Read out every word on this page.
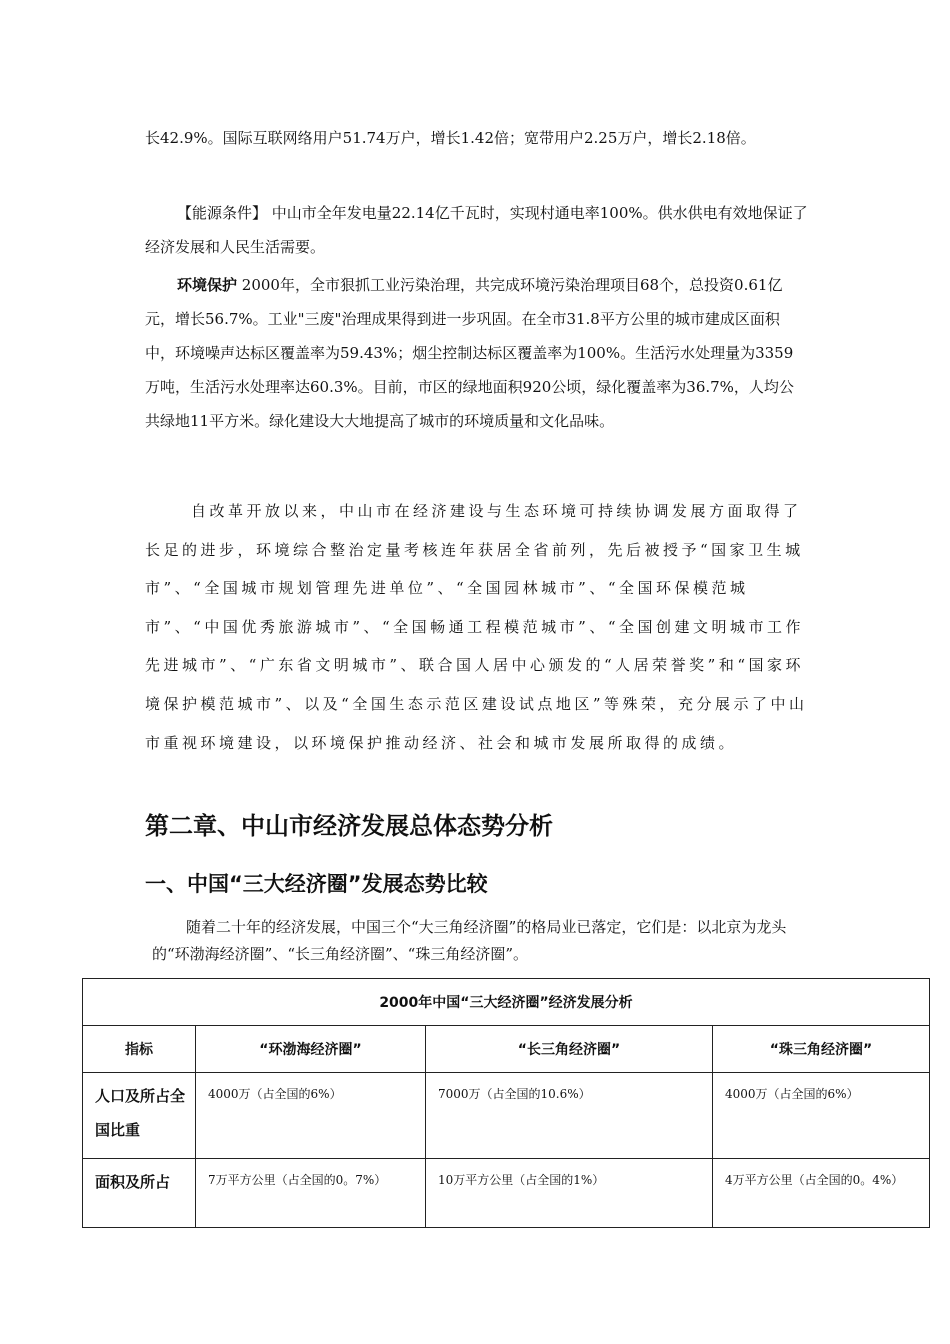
长42.9%。国际互联网络用户51.74万户，增长1.42倍；宽带用户2.25万户，增长2.18倍。

【能源条件】 中山市全年发电量22.14亿千瓦时，实现村通电率100%。供水供电有效地保证了经济发展和人民生活需要。

环境保护 2000年，全市狠抓工业污染治理，共完成环境污染治理项目68个，总投资0.61亿元，增长56.7%。工业"三废"治理成果得到进一步巩固。在全市31.8平方公里的城市建成区面积中，环境噪声达标区覆盖率为59.43%；烟尘控制达标区覆盖率为100%。生活污水处理量为3359万吨，生活污水处理率达60.3%。目前，市区的绿地面积920公顷，绿化覆盖率为36.7%，人均公共绿地11平方米。绿化建设大大地提高了城市的环境质量和文化品味。

自改革开放以来，中山市在经济建设与生态环境可持续协调发展方面取得了长足的进步，环境综合整治定量考核连年获居全省前列，先后被授予“国家卫生城市”、“全国城市规划管理先进单位”、“全国园林城市”、“全国环保模范城市”、“中国优秀旅游城市”、“全国畅通工程模范城市”、“全国创建文明城市工作先进城市”、“广东省文明城市”、联合国人居中心颁发的“人居荣誉奖”和“国家环境保护模范城市”、以及“全国生态示范区建设试点地区”等殊荣，充分展示了中山市重视环境建设，以环境保护推动经济、社会和城市发展所取得的成绩。

第二章、中山市经济发展总体态势分析
一、中国“三大经济圈”发展态势比较

随着二十年的经济发展，中国三个“大三角经济圈”的格局业已落定，它们是：以北京为龙头的“环渤海经济圈”、“长三角经济圈”、“珠三角经济圈”。

2000年中国“三大经济圈”经济发展分析			
指标	“环渤海经济圈”	“长三角经济圈”	“珠三角经济圈”
人口及所占全国比重	4000万（占全国的6%）	7000万（占全国的10.6%）	4000万（占全国的6%）
面积及所占	7万平方公里（占全国的0。7%）	10万平方公里（占全国的1%）	4万平方公里（占全国的0。4%）
